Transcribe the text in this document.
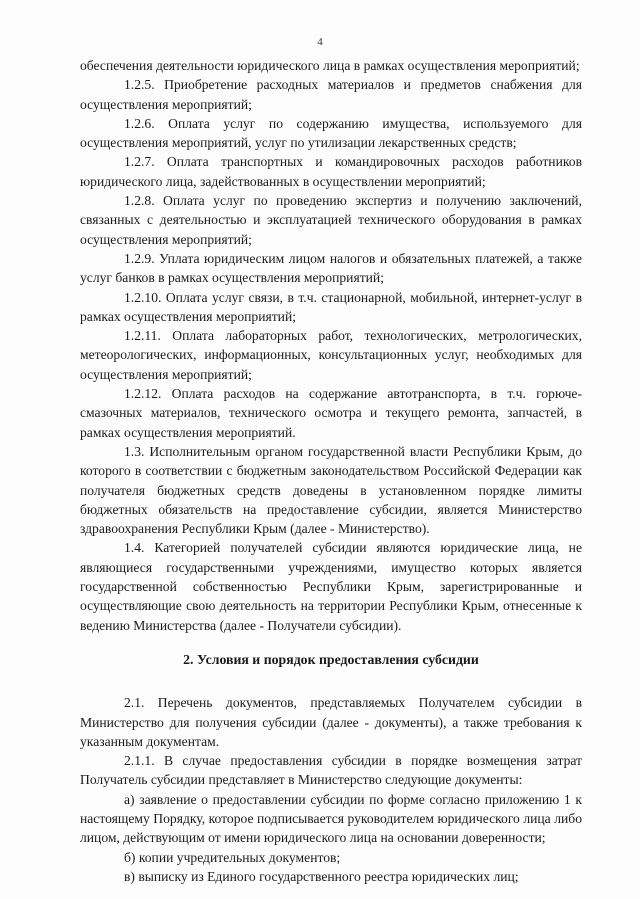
4

обеспечения деятельности юридического лица в рамках осуществления мероприятий;

1.2.5. Приобретение расходных материалов и предметов снабжения для осуществления мероприятий;

1.2.6. Оплата услуг по содержанию имущества, используемого для осуществления мероприятий, услуг по утилизации лекарственных средств;

1.2.7. Оплата транспортных и командировочных расходов работников юридического лица, задействованных в осуществлении мероприятий;

1.2.8. Оплата услуг по проведению экспертиз и получению заключений, связанных с деятельностью и эксплуатацией технического оборудования в рамках осуществления мероприятий;

1.2.9. Уплата юридическим лицом налогов и обязательных платежей, а также услуг банков в рамках осуществления мероприятий;

1.2.10. Оплата услуг связи, в т.ч. стационарной, мобильной, интернет-услуг в рамках осуществления мероприятий;

1.2.11. Оплата лабораторных работ, технологических, метрологических, метеорологических, информационных, консультационных услуг, необходимых для осуществления мероприятий;

1.2.12. Оплата расходов на содержание автотранспорта, в т.ч. горюче-смазочных материалов, технического осмотра и текущего ремонта, запчастей, в рамках осуществления мероприятий.

1.3. Исполнительным органом государственной власти Республики Крым, до которого в соответствии с бюджетным законодательством Российской Федерации как получателя бюджетных средств доведены в установленном порядке лимиты бюджетных обязательств на предоставление субсидии, является Министерство здравоохранения Республики Крым (далее - Министерство).

1.4. Категорией получателей субсидии являются юридические лица, не являющиеся государственными учреждениями, имущество которых является государственной собственностью Республики Крым, зарегистрированные и осуществляющие свою деятельность на территории Республики Крым, отнесенные к ведению Министерства (далее - Получатели субсидии).

2. Условия и порядок предоставления субсидии

2.1. Перечень документов, представляемых Получателем субсидии в Министерство для получения субсидии (далее - документы), а также требования к указанным документам.

2.1.1. В случае предоставления субсидии в порядке возмещения затрат Получатель субсидии представляет в Министерство следующие документы:

а) заявление о предоставлении субсидии по форме согласно приложению 1 к настоящему Порядку, которое подписывается руководителем юридического лица либо лицом, действующим от имени юридического лица на основании доверенности;

б) копии учредительных документов;

в) выписку из Единого государственного реестра юридических лиц;
